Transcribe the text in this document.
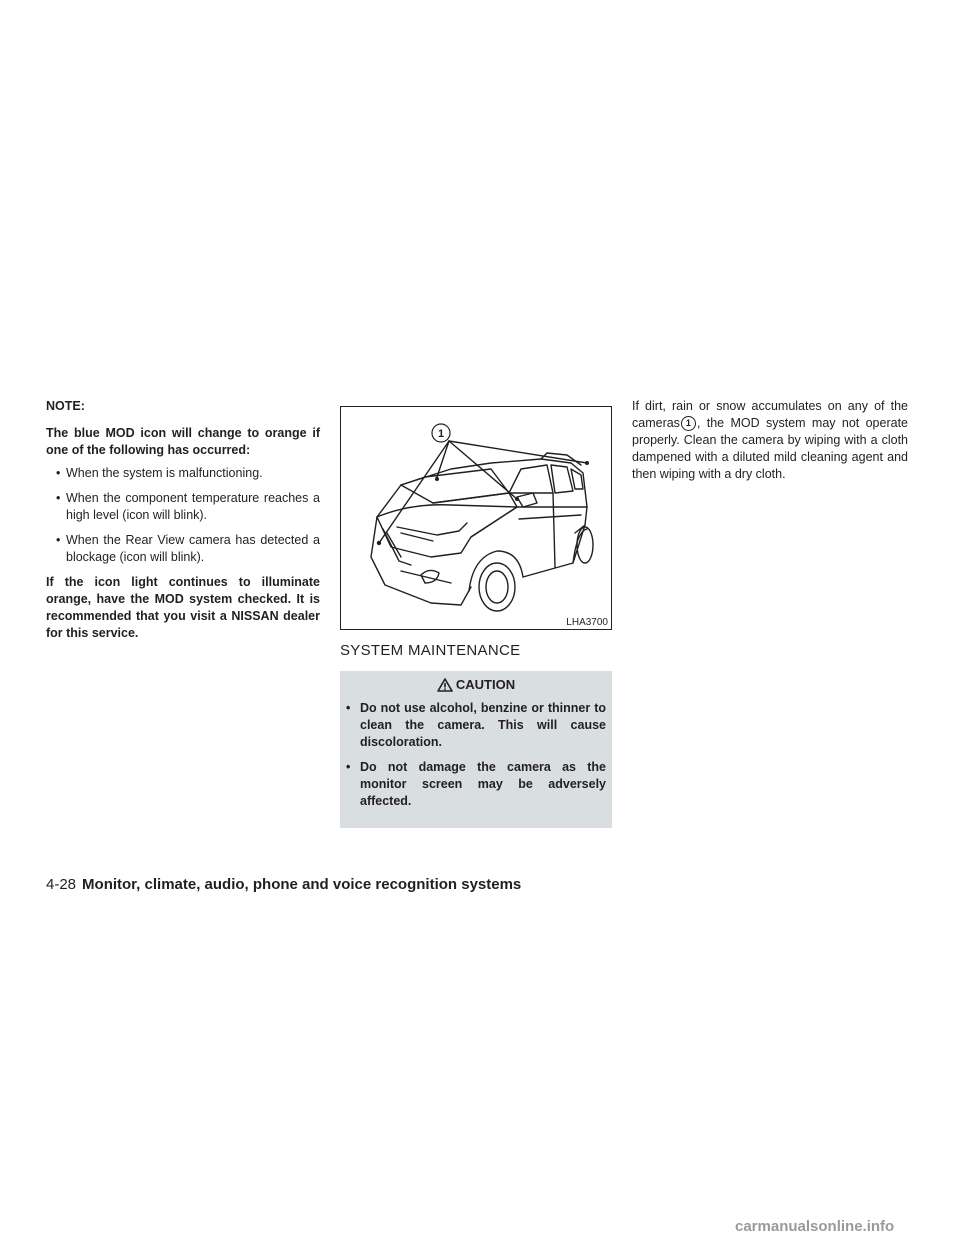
NOTE:

The blue MOD icon will change to orange if one of the following has occurred:

• When the system is malfunctioning.
• When the component temperature reaches a high level (icon will blink).
• When the Rear View camera has detected a blockage (icon will blink).

If the icon light continues to illuminate orange, have the MOD system checked. It is recommended that you visit a NISSAN dealer for this service.

1
LHA3700
SYSTEM MAINTENANCE
CAUTION
• Do not use alcohol, benzine or thinner to clean the camera. This will cause discoloration.
• Do not damage the camera as the monitor screen may be adversely affected.

If dirt, rain or snow accumulates on any of the cameras 1 , the MOD system may not operate properly. Clean the camera by wiping with a cloth dampened with a diluted mild cleaning agent and then wiping with a dry cloth.

4-28 Monitor, climate, audio, phone and voice recognition systems
carmanualsonline.info
